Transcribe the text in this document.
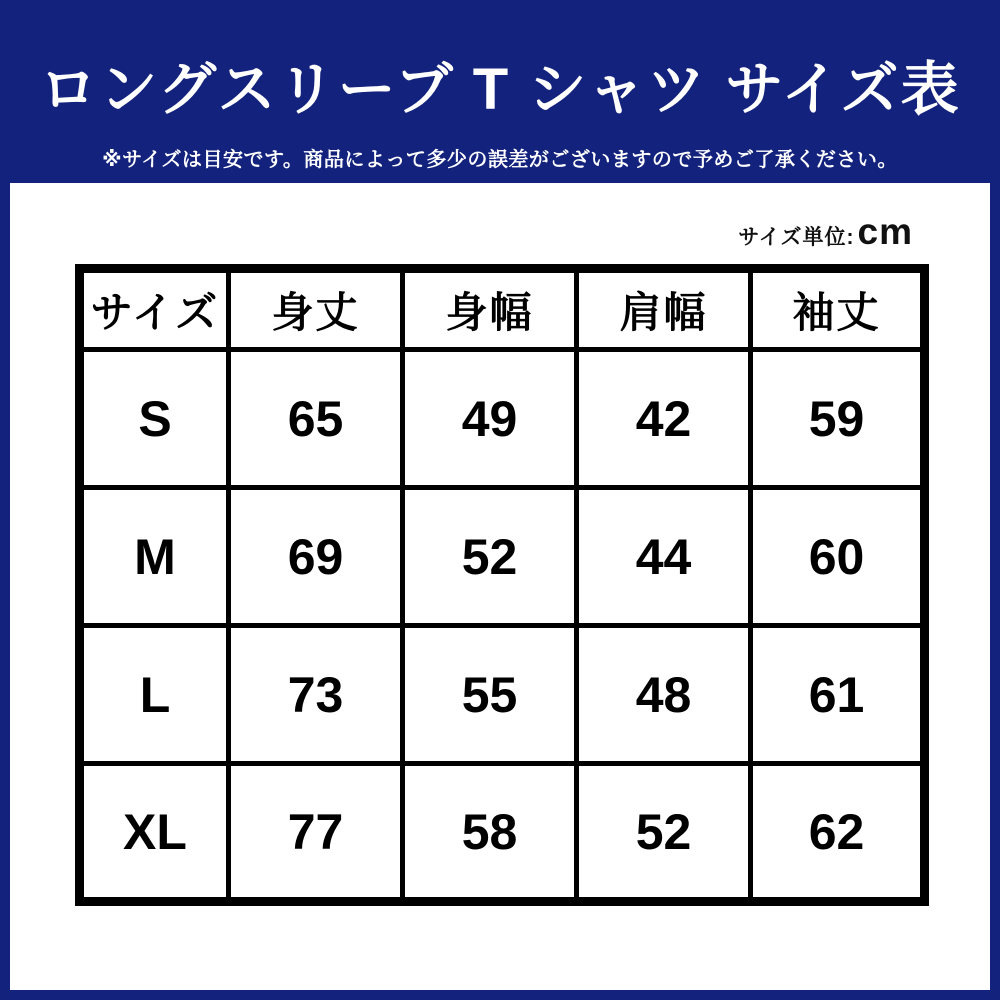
ロングスリーブ T シャツ サイズ表

※サイズは目安です。商品によって多少の誤差がございますので予めご了承ください。

サイズ単位: cm
サイズ	身丈	身幅	肩幅	袖丈
S	65	49	42	59
M	69	52	44	60
L	73	55	48	61
XL	77	58	52	62
